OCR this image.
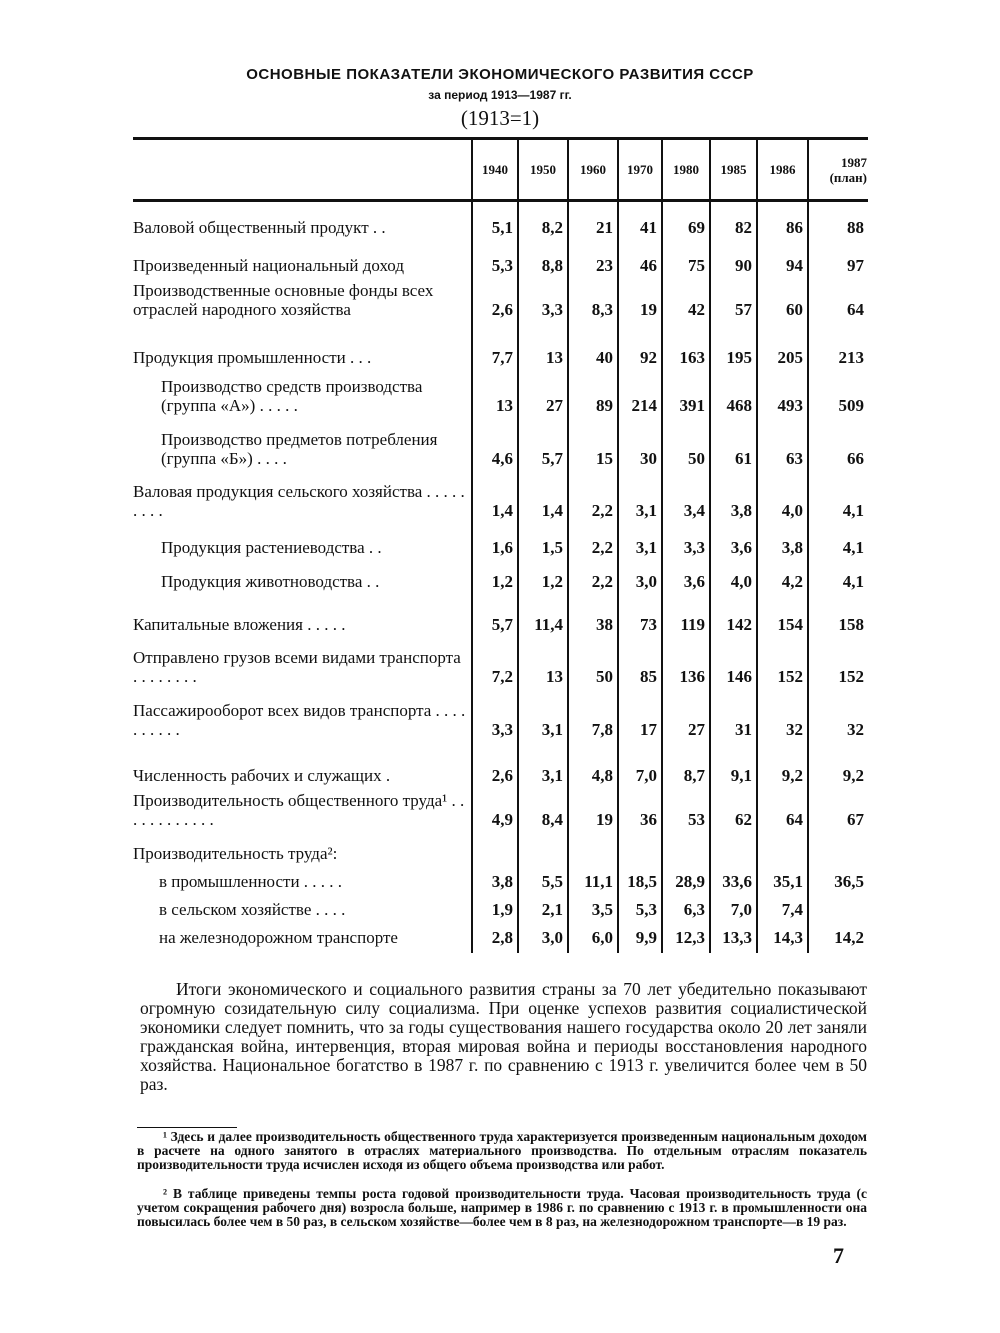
ОСНОВНЫЕ ПОКАЗАТЕЛИ ЭКОНОМИЧЕСКОГО РАЗВИТИЯ СССР
за период 1913—1987 гг.
(1913=1)
	1940	1950	1960	1970	1980	1985	1986	1987 (план)
Валовой общественный продукт . .	5,1	8,2	21	41	69	82	86	88
Произведенный национальный доход	5,3	8,8	23	46	75	90	94	97
Производственные основные фонды всех отраслей народного хозяйства	2,6	3,3	8,3	19	42	57	60	64
Продукция промышленности . . .	7,7	13	40	92	163	195	205	213
Производство средств производства (группа «А») . . . . .	13	27	89	214	391	468	493	509
Производство предметов потребления (группа «Б») . . . .	4,6	5,7	15	30	50	61	63	66
Валовая продукция сельского хозяйства . . . . . . . . .	1,4	1,4	2,2	3,1	3,4	3,8	4,0	4,1
Продукция растениеводства . .	1,6	1,5	2,2	3,1	3,3	3,6	3,8	4,1
Продукция животноводства . .	1,2	1,2	2,2	3,0	3,6	4,0	4,2	4,1
Капитальные вложения . . . . .	5,7	11,4	38	73	119	142	154	158
Отправлено грузов всеми видами транспорта . . . . . . . .	7,2	13	50	85	136	146	152	152
Пассажирооборот всех видов транспорта . . . . . . . . . .	3,3	3,1	7,8	17	27	31	32	32
Численность рабочих и служащих .	2,6	3,1	4,8	7,0	8,7	9,1	9,2	9,2
Производительность общественного труда¹ . . . . . . . . . . . .	4,9	8,4	19	36	53	62	64	67
Производительность труда²:								
в промышленности . . . . .	3,8	5,5	11,1	18,5	28,9	33,6	35,1	36,5
в сельском хозяйстве . . . .	1,9	2,1	3,5	5,3	6,3	7,0	7,4	
на железнодорожном транспорте	2,8	3,0	6,0	9,9	12,3	13,3	14,3	14,2
Итоги экономического и социального развития страны за 70 лет убедительно показывают огромную созидательную силу социализма. При оценке успехов развития социалистической экономики следует помнить, что за годы существования нашего государства около 20 лет заняли гражданская война, интервенция, вторая мировая война и периоды восстановления народного хозяйства. Национальное богатство в 1987 г. по сравнению с 1913 г. увеличится более чем в 50 раз.
¹ Здесь и далее производительность общественного труда характеризуется произведенным национальным доходом в расчете на одного занятого в отраслях материального производства. По отдельным отраслям показатель производительности труда исчислен исходя из общего объема производства или работ.
² В таблице приведены темпы роста годовой производительности труда. Часовая производительность труда (с учетом сокращения рабочего дня) возросла больше, например в 1986 г. по сравнению с 1913 г. в промышленности она повысилась более чем в 50 раз, в сельском хозяйстве—более чем в 8 раз, на железнодорожном транспорте—в 19 раз.
7
